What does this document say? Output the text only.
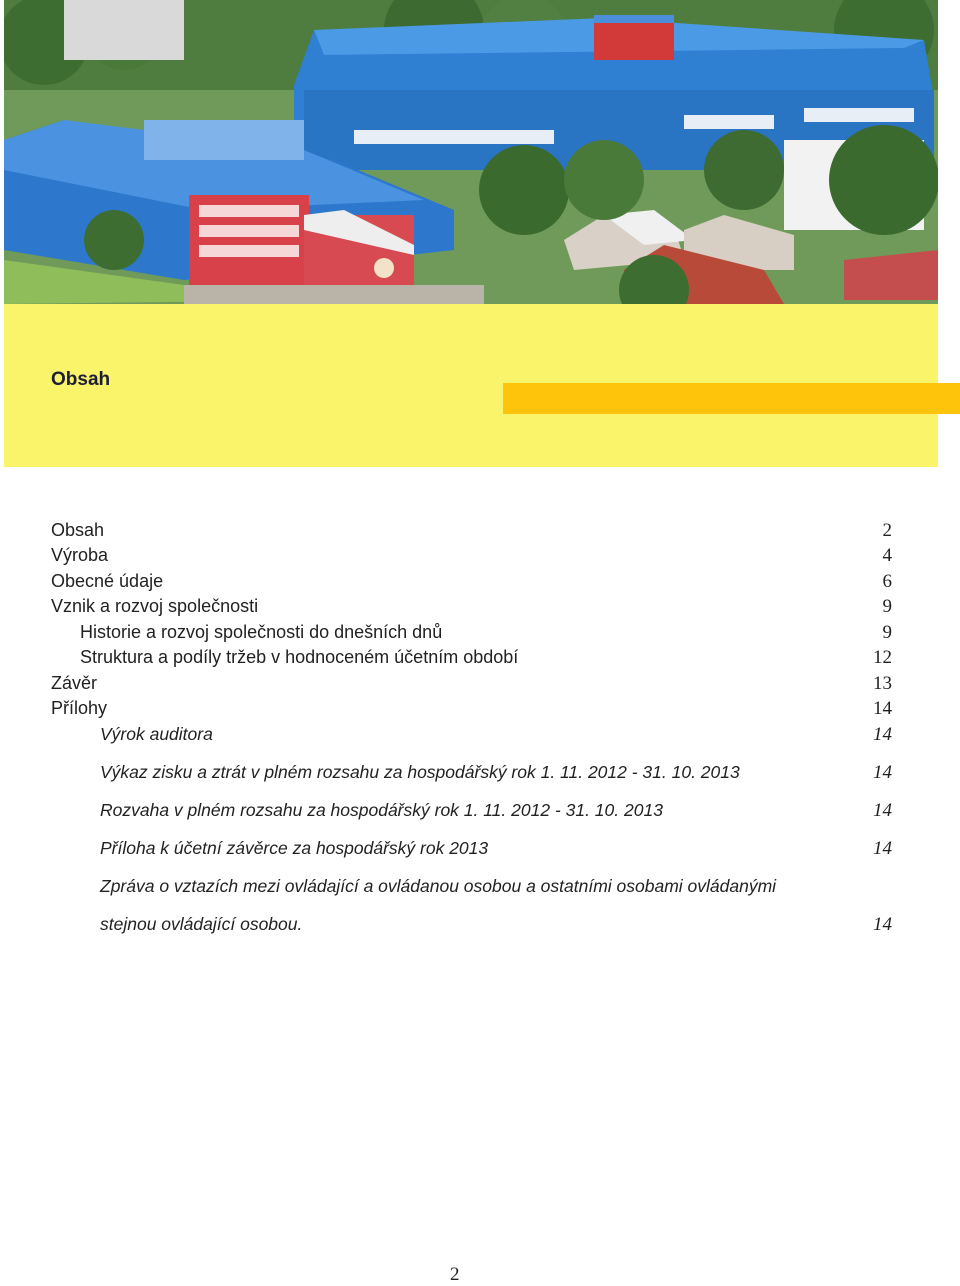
Obsah
Obsah	2
Výroba	4
Obecné údaje	6
Vznik a rozvoj společnosti	9
Historie a rozvoj společnosti do dnešních dnů	9
Struktura a podíly tržeb v hodnoceném účetním období	12
Závěr	13
Přílohy	14
Výrok auditora	14
Výkaz zisku a ztrát v plném rozsahu za hospodářský rok 1. 11. 2012 - 31. 10. 2013	14
Rozvaha v plném rozsahu za hospodářský rok 1. 11. 2012 - 31. 10. 2013	14
Příloha k účetní závěrce za hospodářský rok 2013	14
Zpráva o vztazích mezi ovládající a ovládanou osobou a ostatními osobami ovládanými
stejnou ovládající osobou.	14
2
